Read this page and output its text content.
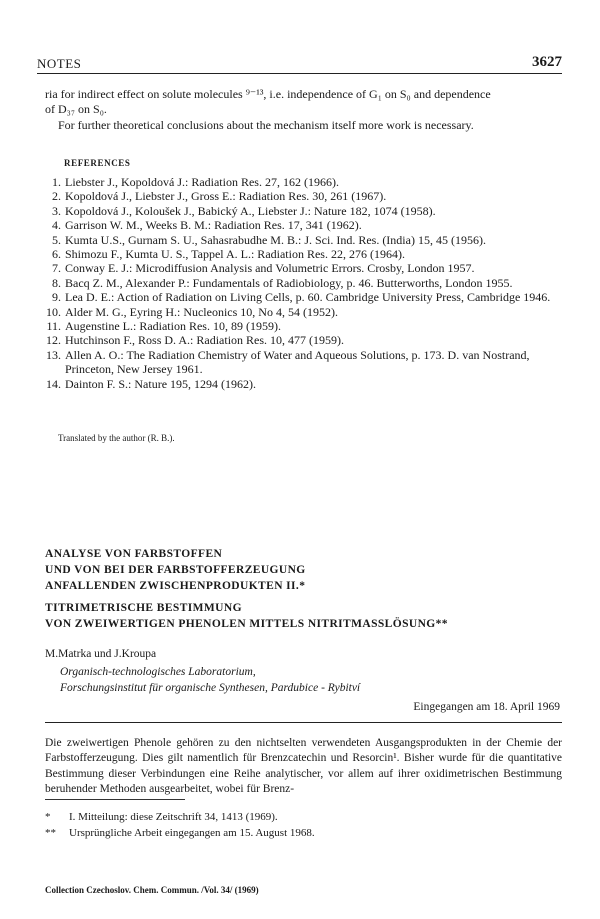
NOTES	3627
ria for indirect effect on solute molecules ⁹⁻¹³, i.e. independence of G₁ on S₀ and dependence
of D₃₇ on S₀.
For further theoretical conclusions about the mechanism itself more work is necessary.
REFERENCES
1. Liebster J., Kopoldová J.: Radiation Res. 27, 162 (1966).
2. Kopoldová J., Liebster J., Gross E.: Radiation Res. 30, 261 (1967).
3. Kopoldová J., Koloušek J., Babický A., Liebster J.: Nature 182, 1074 (1958).
4. Garrison W. M., Weeks B. M.: Radiation Res. 17, 341 (1962).
5. Kumta U.S., Gurnam S. U., Sahasrabudhe M. B.: J. Sci. Ind. Res. (India) 15, 45 (1956).
6. Shimozu F., Kumta U. S., Tappel A. L.: Radiation Res. 22, 276 (1964).
7. Conway E. J.: Microdiffusion Analysis and Volumetric Errors. Crosby, London 1957.
8. Bacq Z. M., Alexander P.: Fundamentals of Radiobiology, p. 46. Butterworths, London 1955.
9. Lea D. E.: Action of Radiation on Living Cells, p. 60. Cambridge University Press, Cambridge 1946.
10. Alder M. G., Eyring H.: Nucleonics 10, No 4, 54 (1952).
11. Augenstine L.: Radiation Res. 10, 89 (1959).
12. Hutchinson F., Ross D. A.: Radiation Res. 10, 477 (1959).
13. Allen A. O.: The Radiation Chemistry of Water and Aqueous Solutions, p. 173. D. van Nostrand, Princeton, New Jersey 1961.
14. Dainton F. S.: Nature 195, 1294 (1962).
Translated by the author (R. B.).
ANALYSE VON FARBSTOFFEN
UND VON BEI DER FARBSTOFFERZEUGUNG
ANFALLENDEN ZWISCHENPRODUKTEN II.*
TITRIMETRISCHE BESTIMMUNG
VON ZWEIWERTIGEN PHENOLEN MITTELS NITRITMASSLÖSUNG**
M.Matrka und J.Kroupa
Organisch-technologisches Laboratorium,
Forschungsinstitut für organische Synthesen, Pardubice - Rybitví
Eingegangen am 18. April 1969
Die zweiwertigen Phenole gehören zu den nichtselten verwendeten Ausgangsprodukten in der Chemie der Farbstofferzeugung. Dies gilt namentlich für Brenzcatechin und Resorcin¹. Bisher wurde für die quantitative Bestimmung dieser Verbindungen eine Reihe analytischer, vor allem auf ihrer oxidimetrischen Bestimmung beruhender Methoden ausgearbeitet, wobei für Brenz-
* I. Mitteilung: diese Zeitschrift 34, 1413 (1969).
** Ursprüngliche Arbeit eingegangen am 15. August 1968.
Collection Czechoslov. Chem. Commun. /Vol. 34/ (1969)
